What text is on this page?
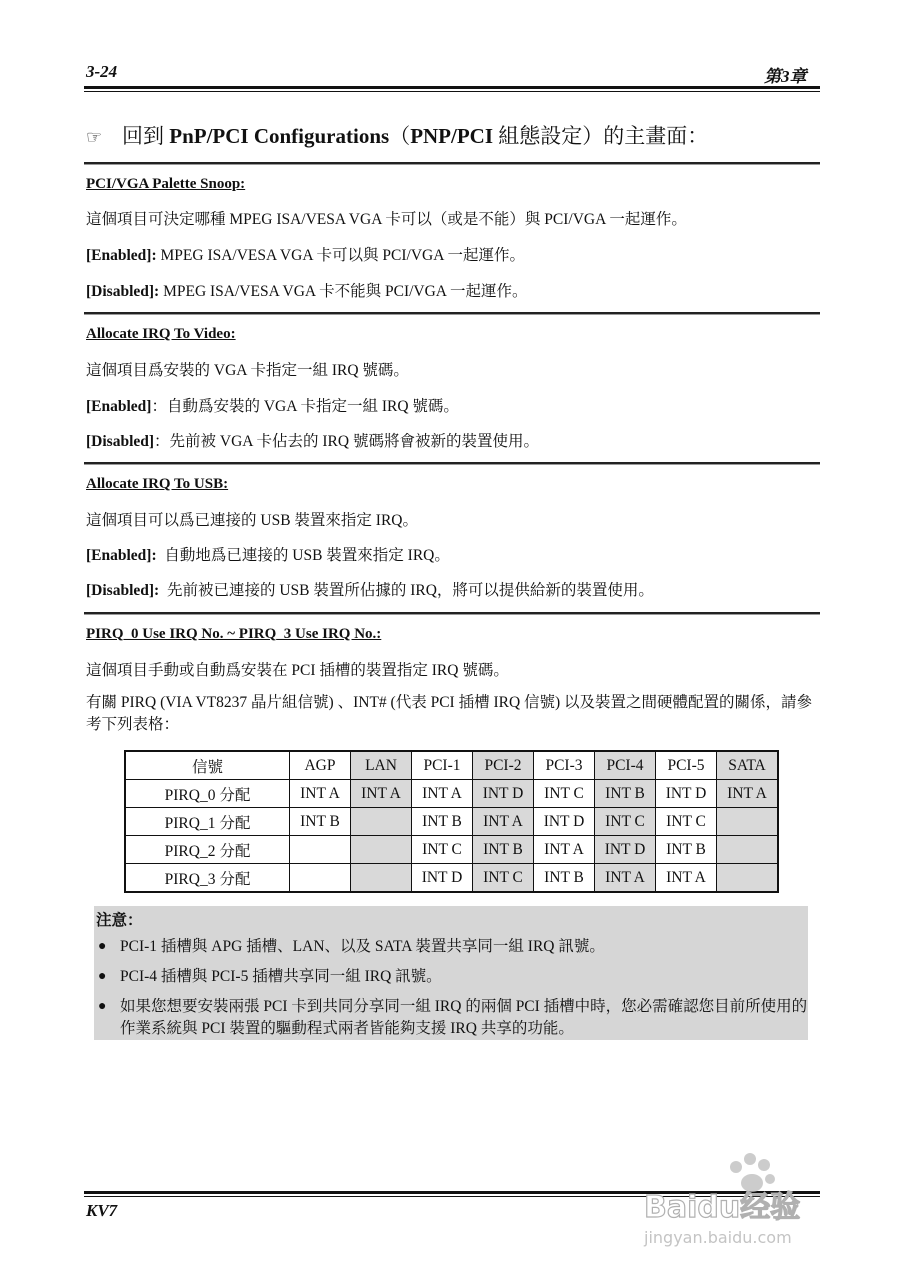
3-24	第3章
☞ 回到 PnP/PCI Configurations（PNP/PCI 組態設定）的主畫面：
PCI/VGA Palette Snoop:
這個項目可決定哪種 MPEG ISA/VESA VGA 卡可以（或是不能）與 PCI/VGA 一起運作。
[Enabled]: MPEG ISA/VESA VGA 卡可以與 PCI/VGA 一起運作。
[Disabled]: MPEG ISA/VESA VGA 卡不能與 PCI/VGA 一起運作。
Allocate IRQ To Video:
這個項目爲安裝的 VGA 卡指定一組 IRQ 號碼。
[Enabled]：自動爲安裝的 VGA 卡指定一組 IRQ 號碼。
[Disabled]：先前被 VGA 卡佔去的 IRQ 號碼將會被新的裝置使用。
Allocate IRQ To USB:
這個項目可以爲已連接的 USB 裝置來指定 IRQ。
[Enabled]:  自動地爲已連接的 USB 裝置來指定 IRQ。
[Disabled]:  先前被已連接的 USB 裝置所佔據的 IRQ，將可以提供給新的裝置使用。
PIRQ_0 Use IRQ No. ~ PIRQ_3 Use IRQ No.:
這個項目手動或自動爲安裝在 PCI 插槽的裝置指定 IRQ 號碼。
有關 PIRQ (VIA VT8237 晶片組信號) 、INT# (代表 PCI 插槽 IRQ 信號) 以及裝置之間硬體配置的關係，請參考下列表格：
信號	AGP	LAN	PCI-1	PCI-2	PCI-3	PCI-4	PCI-5	SATA
PIRQ_0 分配	INT A	INT A	INT A	INT D	INT C	INT B	INT D	INT A
PIRQ_1 分配	INT B		INT B	INT A	INT D	INT C	INT C	
PIRQ_2 分配			INT C	INT B	INT A	INT D	INT B	
PIRQ_3 分配			INT D	INT C	INT B	INT A	INT A	
注意：
● PCI-1 插槽與 APG 插槽、LAN、以及 SATA 裝置共享同一組 IRQ 訊號。
● PCI-4 插槽與 PCI-5 插槽共享同一組 IRQ 訊號。
● 如果您想要安裝兩張 PCI 卡到共同分享同一組 IRQ 的兩個 PCI 插槽中時，您必需確認您目前所使用的作業系統與 PCI 裝置的驅動程式兩者皆能夠支援 IRQ 共享的功能。
KV7	Baidu经验
jingyan.baidu.com
